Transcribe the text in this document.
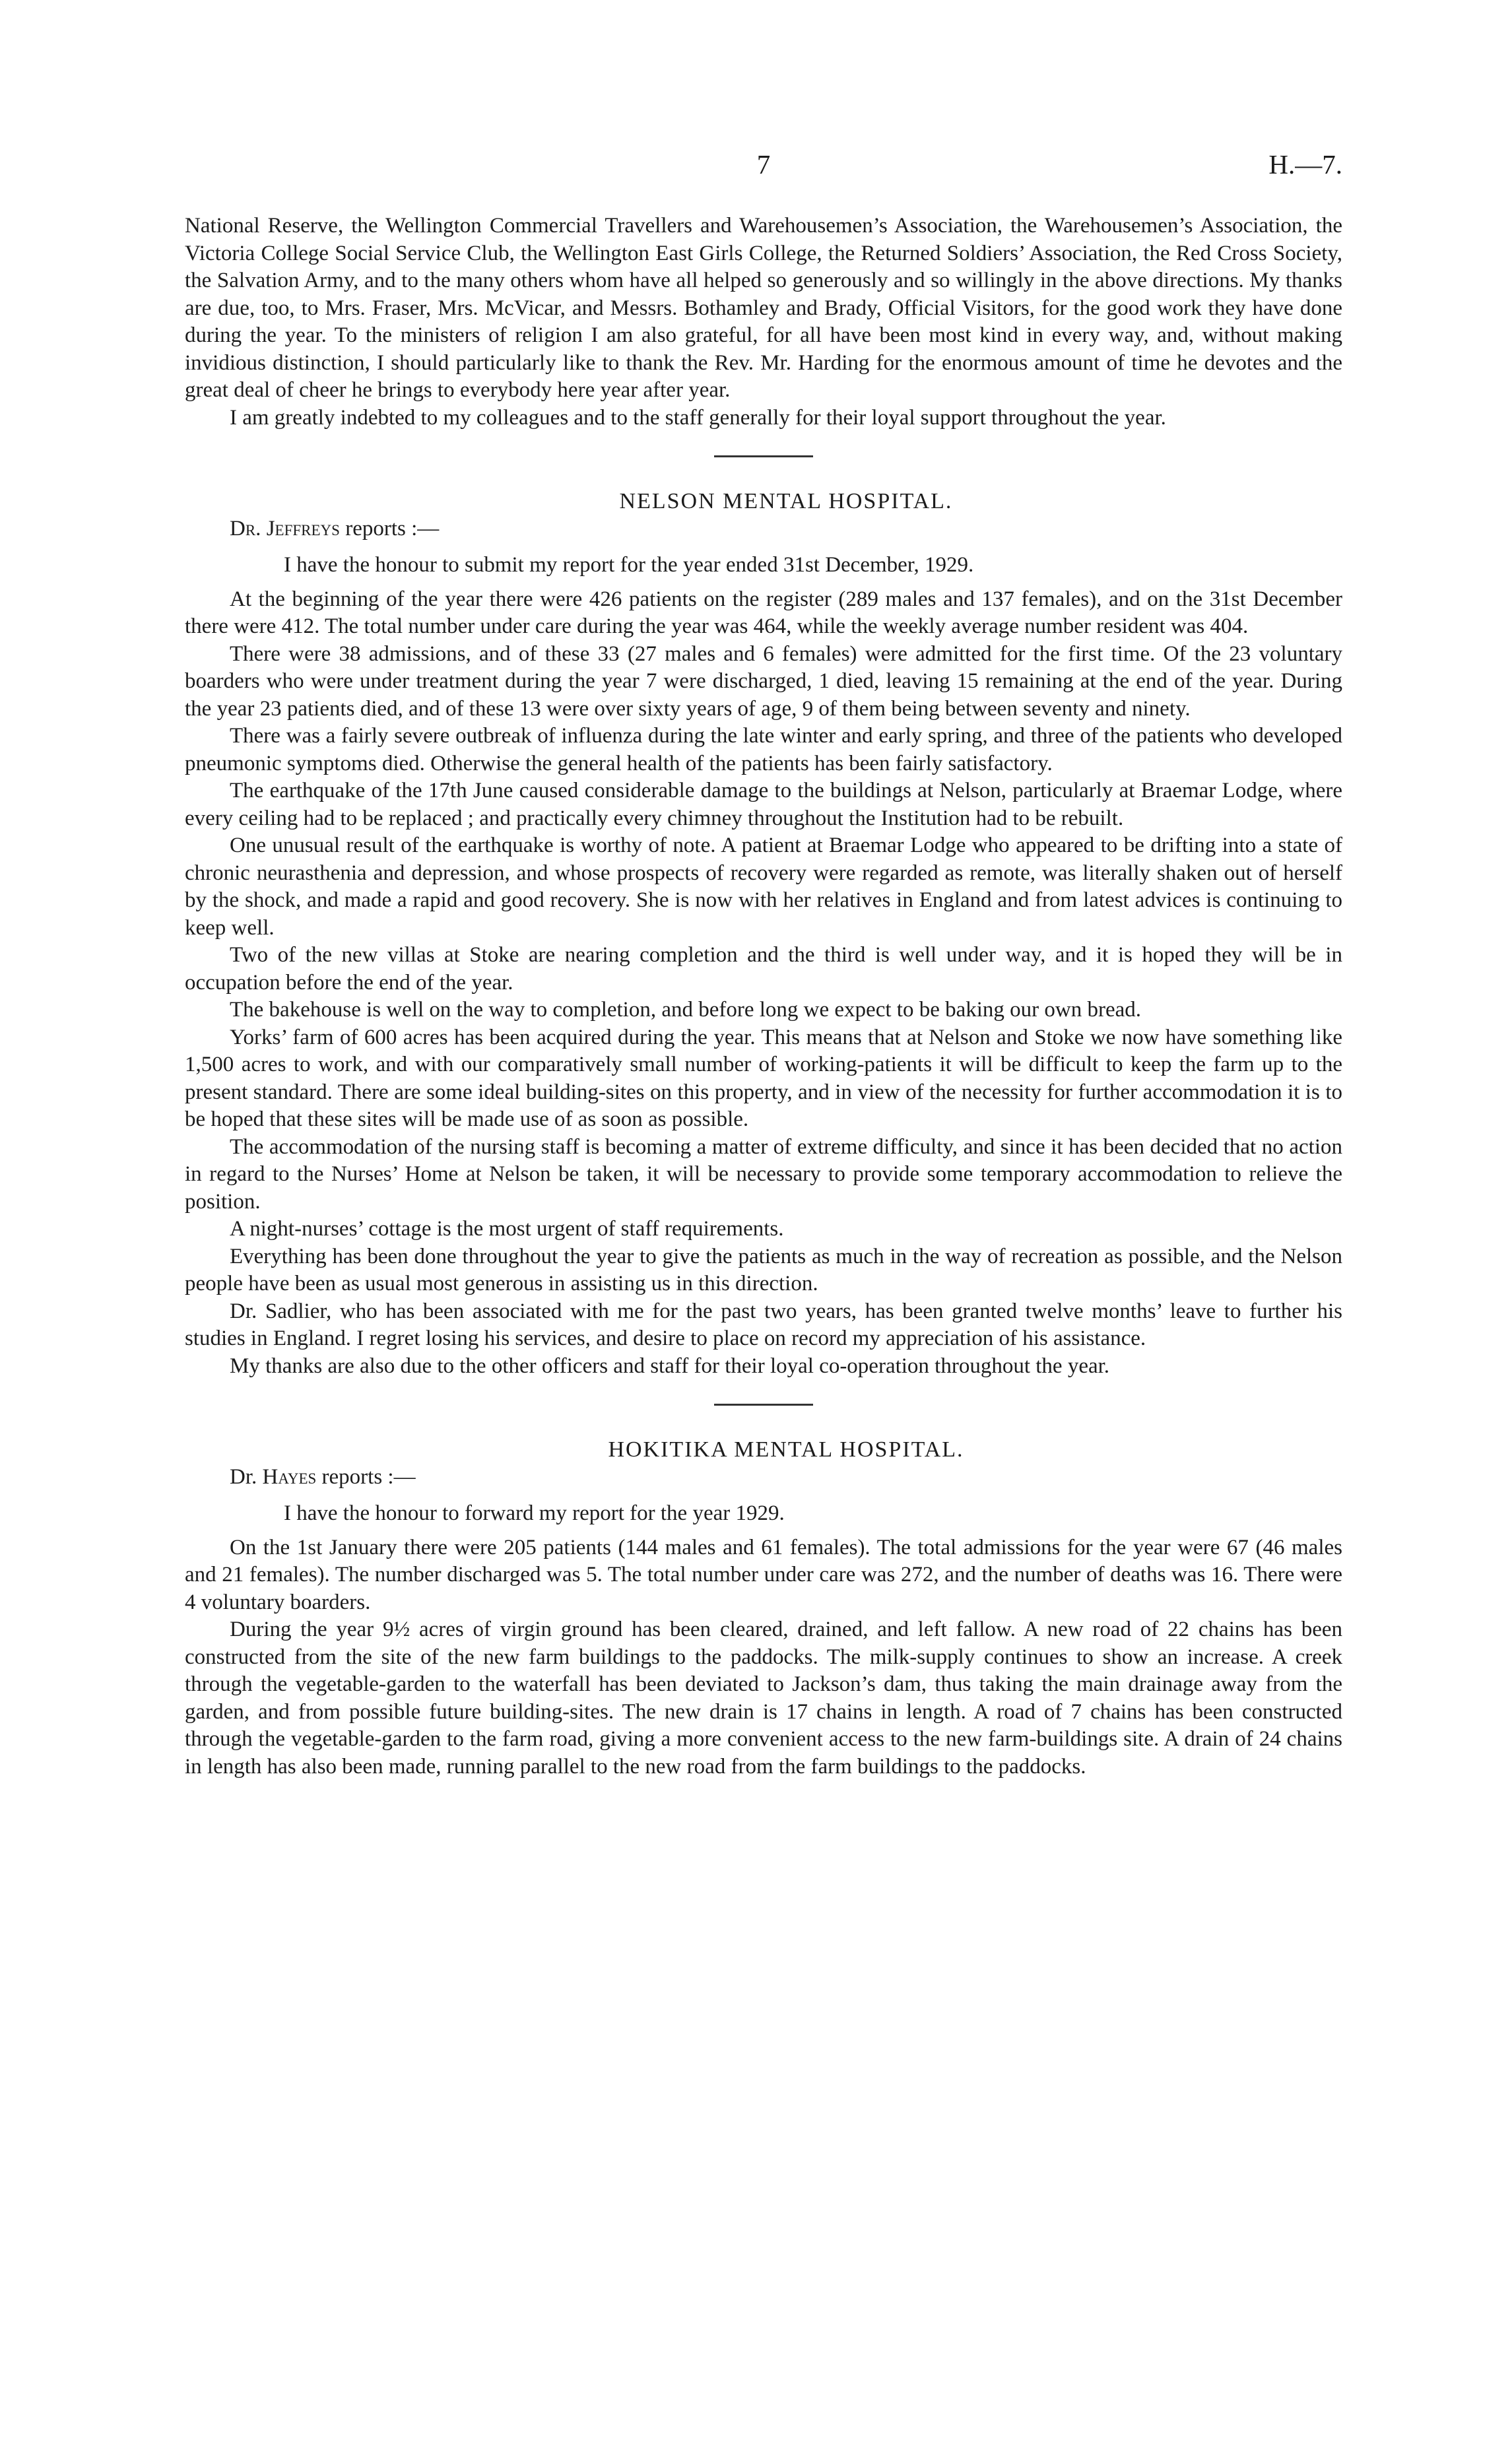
7	H.—7.

National Reserve, the Wellington Commercial Travellers and Warehousemen’s Association, the Warehousemen’s Association, the Victoria College Social Service Club, the Wellington East Girls College, the Returned Soldiers’ Association, the Red Cross Society, the Salvation Army, and to the many others whom have all helped so generously and so willingly in the above directions. My thanks are due, too, to Mrs. Fraser, Mrs. McVicar, and Messrs. Bothamley and Brady, Official Visitors, for the good work they have done during the year. To the ministers of religion I am also grateful, for all have been most kind in every way, and, without making invidious distinction, I should particularly like to thank the Rev. Mr. Harding for the enormous amount of time he devotes and the great deal of cheer he brings to everybody here year after year.

I am greatly indebted to my colleagues and to the staff generally for their loyal support throughout the year.

NELSON MENTAL HOSPITAL.

Dr. Jeffreys reports :—

I have the honour to submit my report for the year ended 31st December, 1929.

At the beginning of the year there were 426 patients on the register (289 males and 137 females), and on the 31st December there were 412. The total number under care during the year was 464, while the weekly average number resident was 404.

There were 38 admissions, and of these 33 (27 males and 6 females) were admitted for the first time. Of the 23 voluntary boarders who were under treatment during the year 7 were discharged, 1 died, leaving 15 remaining at the end of the year. During the year 23 patients died, and of these 13 were over sixty years of age, 9 of them being between seventy and ninety.

There was a fairly severe outbreak of influenza during the late winter and early spring, and three of the patients who developed pneumonic symptoms died. Otherwise the general health of the patients has been fairly satisfactory.

The earthquake of the 17th June caused considerable damage to the buildings at Nelson, particularly at Braemar Lodge, where every ceiling had to be replaced ; and practically every chimney throughout the Institution had to be rebuilt.

One unusual result of the earthquake is worthy of note. A patient at Braemar Lodge who appeared to be drifting into a state of chronic neurasthenia and depression, and whose prospects of recovery were regarded as remote, was literally shaken out of herself by the shock, and made a rapid and good recovery. She is now with her relatives in England and from latest advices is continuing to keep well.

Two of the new villas at Stoke are nearing completion and the third is well under way, and it is hoped they will be in occupation before the end of the year.

The bakehouse is well on the way to completion, and before long we expect to be baking our own bread.

Yorks’ farm of 600 acres has been acquired during the year. This means that at Nelson and Stoke we now have something like 1,500 acres to work, and with our comparatively small number of working-patients it will be difficult to keep the farm up to the present standard. There are some ideal building-sites on this property, and in view of the necessity for further accommodation it is to be hoped that these sites will be made use of as soon as possible.

The accommodation of the nursing staff is becoming a matter of extreme difficulty, and since it has been decided that no action in regard to the Nurses’ Home at Nelson be taken, it will be necessary to provide some temporary accommodation to relieve the position.

A night-nurses’ cottage is the most urgent of staff requirements.

Everything has been done throughout the year to give the patients as much in the way of recreation as possible, and the Nelson people have been as usual most generous in assisting us in this direction.

Dr. Sadlier, who has been associated with me for the past two years, has been granted twelve months’ leave to further his studies in England. I regret losing his services, and desire to place on record my appreciation of his assistance.

My thanks are also due to the other officers and staff for their loyal co-operation throughout the year.

HOKITIKA MENTAL HOSPITAL.

Dr. Hayes reports :—

I have the honour to forward my report for the year 1929.

On the 1st January there were 205 patients (144 males and 61 females). The total admissions for the year were 67 (46 males and 21 females). The number discharged was 5. The total number under care was 272, and the number of deaths was 16. There were 4 voluntary boarders.

During the year 9½ acres of virgin ground has been cleared, drained, and left fallow. A new road of 22 chains has been constructed from the site of the new farm buildings to the paddocks. The milk-supply continues to show an increase. A creek through the vegetable-garden to the waterfall has been deviated to Jackson’s dam, thus taking the main drainage away from the garden, and from possible future building-sites. The new drain is 17 chains in length. A road of 7 chains has been constructed through the vegetable-garden to the farm road, giving a more convenient access to the new farm-buildings site. A drain of 24 chains in length has also been made, running parallel to the new road from the farm buildings to the paddocks.
